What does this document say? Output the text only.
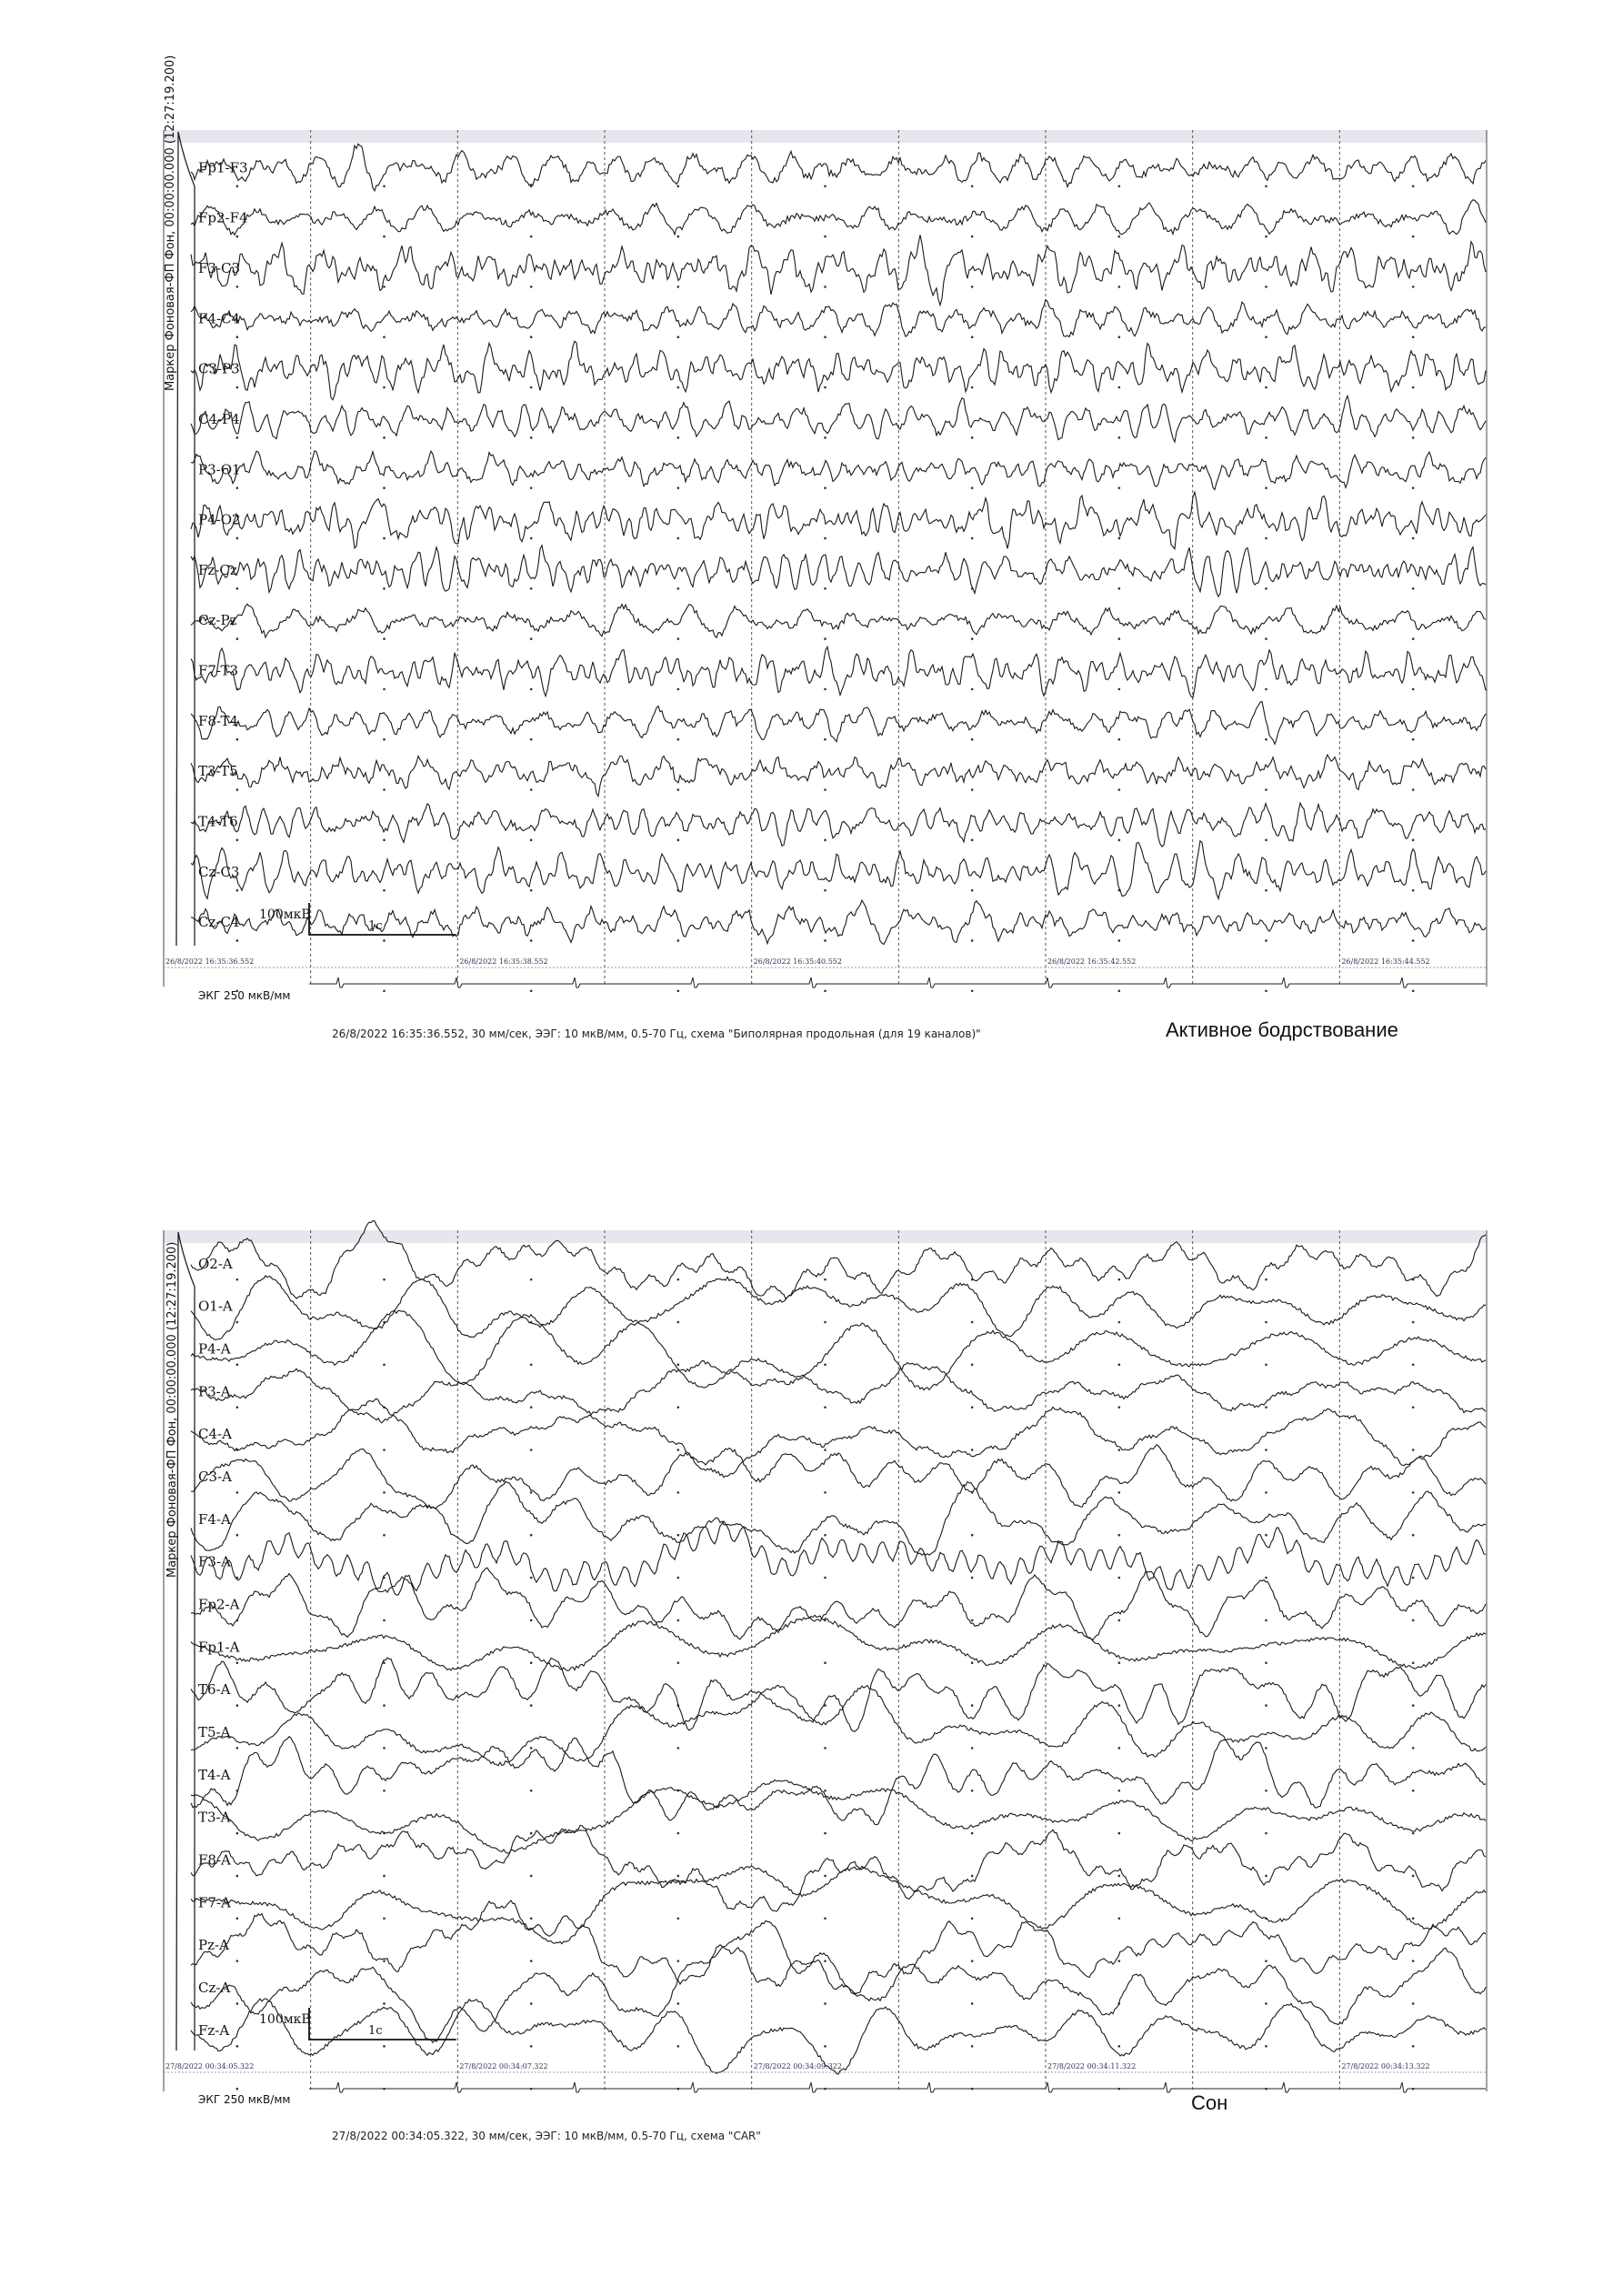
Fp1-F3
Fp2-F4
F3-C3
F4-C4
C3-P3
C4-P4
P3-O1
P4-O2
Fz-Cz
Cz-Pz
F7-T3
F8-T4
T3-T5
T4-T6
Cz-C3
Cz-C4 100мкВ
1с
26/8/2022 16:35:36.552	26/8/2022 16:35:38.552	26/8/2022 16:35:40.552	26/8/2022 16:35:42.552	26/8/2022 16:35:44.552
Маркер Фоновая-ФП Фон, 00:00:00.000 (12:27:19.200)
ЭКГ 250 мкВ/мм
26/8/2022 16:35:36.552, 30 мм/сек, ЭЭГ: 10 мкВ/мм, 0.5-70 Гц, схема "Биполярная продольная (для 19 каналов)"	Активное бодрствование
O2-A
O1-A
P4-A
P3-A
C4-A
C3-A
F4-A
F3-A
Fp2-A
Fp1-A
T6-A
T5-A
T4-A
T3-A
F8-A
F7-A
Pz-A
Cz-A
Fz-A
100мкВ
1с
27/8/2022 00:34:05.322	27/8/2022 00:34:07.322	27/8/2022 00:34:09.322	27/8/2022 00:34:11.322	27/8/2022 00:34:13.322
Маркер Фоновая-ФП Фон, 00:00:00.000 (12:27:19.200)
ЭКГ 250 мкВ/мм
27/8/2022 00:34:05.322, 30 мм/сек, ЭЭГ: 10 мкВ/мм, 0.5-70 Гц, схема "CAR"
Сон
